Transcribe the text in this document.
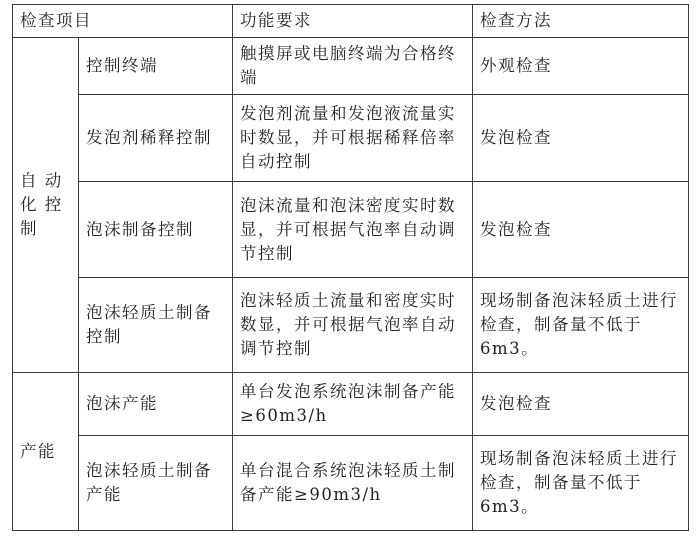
检查项目		功能要求	检查方法
自 动 化 控 制	控制终端	触摸屏或电脑终端为合格终端	外观检查
	发泡剂稀释控制	发泡剂流量和发泡液流量实时数显，并可根据稀释倍率自动控制	发泡检查
	泡沫制备控制	泡沫流量和泡沫密度实时数显，并可根据气泡率自动调节控制	发泡检查
	泡沫轻质土制备控制	泡沫轻质土流量和密度实时数显，并可根据气泡率自动调节控制	现场制备泡沫轻质土进行检查，制备量不低于6m3。
产能	泡沫产能	单台发泡系统泡沫制备产能≥60m3/h	发泡检查
	泡沫轻质土制备产能	单台混合系统泡沫轻质土制备产能≥90m3/h	现场制备泡沫轻质土进行检查，制备量不低于6m3。
